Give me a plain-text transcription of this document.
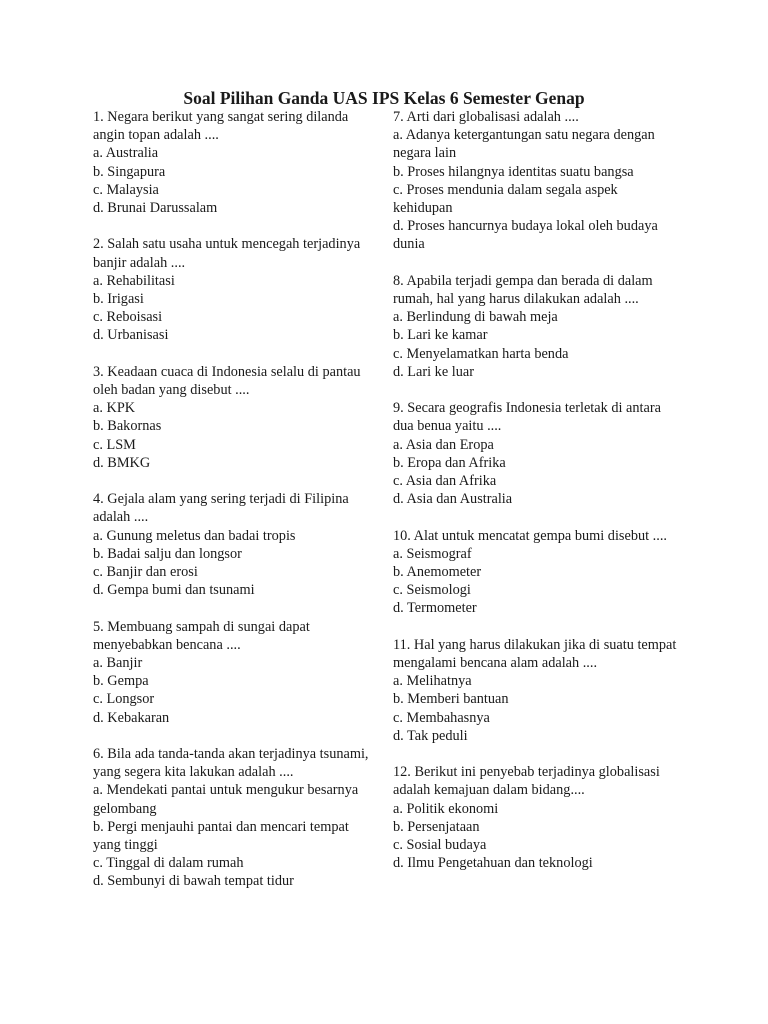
Soal Pilihan Ganda UAS IPS Kelas 6 Semester Genap

1. Negara berikut yang sangat sering dilanda angin topan adalah ....

a. Australia

b. Singapura

c. Malaysia

d. Brunai Darussalam

2. Salah satu usaha untuk mencegah terjadinya banjir adalah ....

a. Rehabilitasi

b. Irigasi

c. Reboisasi

d. Urbanisasi

3. Keadaan cuaca di Indonesia selalu di pantau oleh badan yang disebut ....

a. KPK

b. Bakornas

c. LSM

d. BMKG

4. Gejala alam yang sering terjadi di Filipina adalah ....

a. Gunung meletus dan badai tropis

b. Badai salju dan longsor

c. Banjir dan erosi

d. Gempa bumi dan tsunami

5. Membuang sampah di sungai dapat menyebabkan bencana ....

a. Banjir

b. Gempa

c. Longsor

d. Kebakaran

6. Bila ada tanda-tanda akan terjadinya tsunami, yang segera kita lakukan adalah ....

a. Mendekati pantai untuk mengukur besarnya gelombang

b. Pergi menjauhi pantai dan mencari tempat yang tinggi

c. Tinggal di dalam rumah

d. Sembunyi di bawah tempat tidur

7. Arti dari globalisasi adalah ....

a. Adanya ketergantungan satu negara dengan negara lain

b. Proses hilangnya identitas suatu bangsa

c. Proses mendunia dalam segala aspek kehidupan

d. Proses hancurnya budaya lokal oleh budaya dunia

8. Apabila terjadi gempa dan berada di dalam rumah, hal yang harus dilakukan adalah ....

a. Berlindung di bawah meja

b. Lari ke kamar

c. Menyelamatkan harta benda

d. Lari ke luar

9. Secara geografis Indonesia terletak di antara dua benua yaitu ....

a. Asia dan Eropa

b. Eropa dan Afrika

c. Asia dan Afrika

d. Asia dan Australia

10. Alat untuk mencatat gempa bumi disebut ....

a. Seismograf

b. Anemometer

c. Seismologi

d. Termometer

11. Hal yang harus dilakukan jika di suatu tempat mengalami bencana alam adalah ....

a. Melihatnya

b. Memberi bantuan

c. Membahasnya

d. Tak peduli

12. Berikut ini penyebab terjadinya globalisasi adalah kemajuan dalam bidang....

a. Politik ekonomi

b. Persenjataan

c. Sosial budaya

d. Ilmu Pengetahuan dan teknologi
